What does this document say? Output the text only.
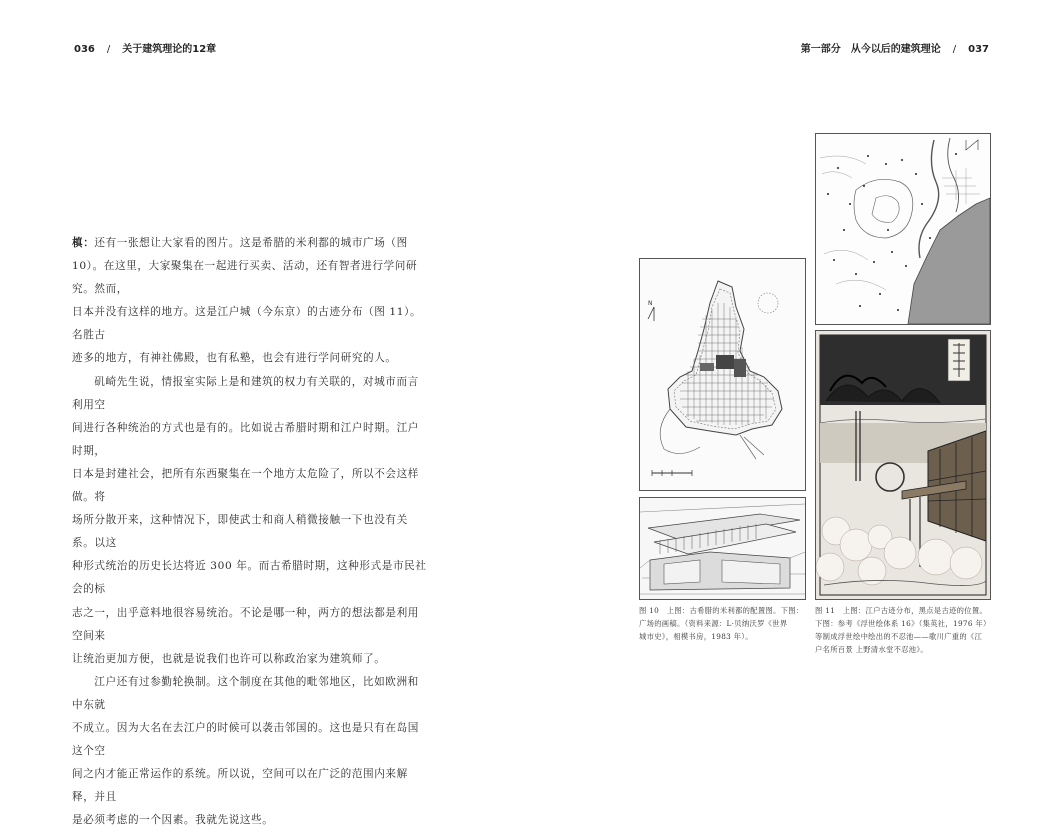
036 / 关于建筑理论的12章	第一部分　从今以后的建筑理论 / 037

槙：还有一张想让大家看的图片。这是希腊的米利都的城市广场（图
10）。在这里，大家聚集在一起进行买卖、活动，还有智者进行学问研究。然而，
日本并没有这样的地方。这是江户城（今东京）的古迹分布（图 11）。名胜古
迹多的地方，有神社佛殿，也有私塾，也会有进行学问研究的人。

矶崎先生说，情报室实际上是和建筑的权力有关联的，对城市而言利用空
间进行各种统治的方式也是有的。比如说古希腊时期和江户时期。江户时期，
日本是封建社会，把所有东西聚集在一个地方太危险了，所以不会这样做。将
场所分散开来，这种情况下，即使武士和商人稍微接触一下也没有关系。以这
种形式统治的历史长达将近 300 年。而古希腊时期，这种形式是市民社会的标
志之一，出乎意料地很容易统治。不论是哪一种，两方的想法都是利用空间来
让统治更加方便，也就是说我们也许可以称政治家为建筑师了。

江户还有过参勤轮换制。这个制度在其他的毗邻地区，比如欧洲和中东就
不成立。因为大名在去江户的时候可以袭击邻国的。这也是只有在岛国这个空
间之内才能正常运作的系统。所以说，空间可以在广泛的范围内来解释，并且
是必须考虑的一个因素。我就先说这些。

N
图 10　上图：古希腊的米利都的配置图。下图：
广场的画稿。（资料来源：L·贝纳沃罗《世界
城市史》，相模书房，1983 年）。
图 11　上图：江户古迹分布，黑点是古迹的位置。
下图：参考《浮世绘体系 16》（集英社，1976 年）
等制成浮世绘中绘出的不忍池——歌川广重的《江
户名所百景 上野清水堂不忍池》。
